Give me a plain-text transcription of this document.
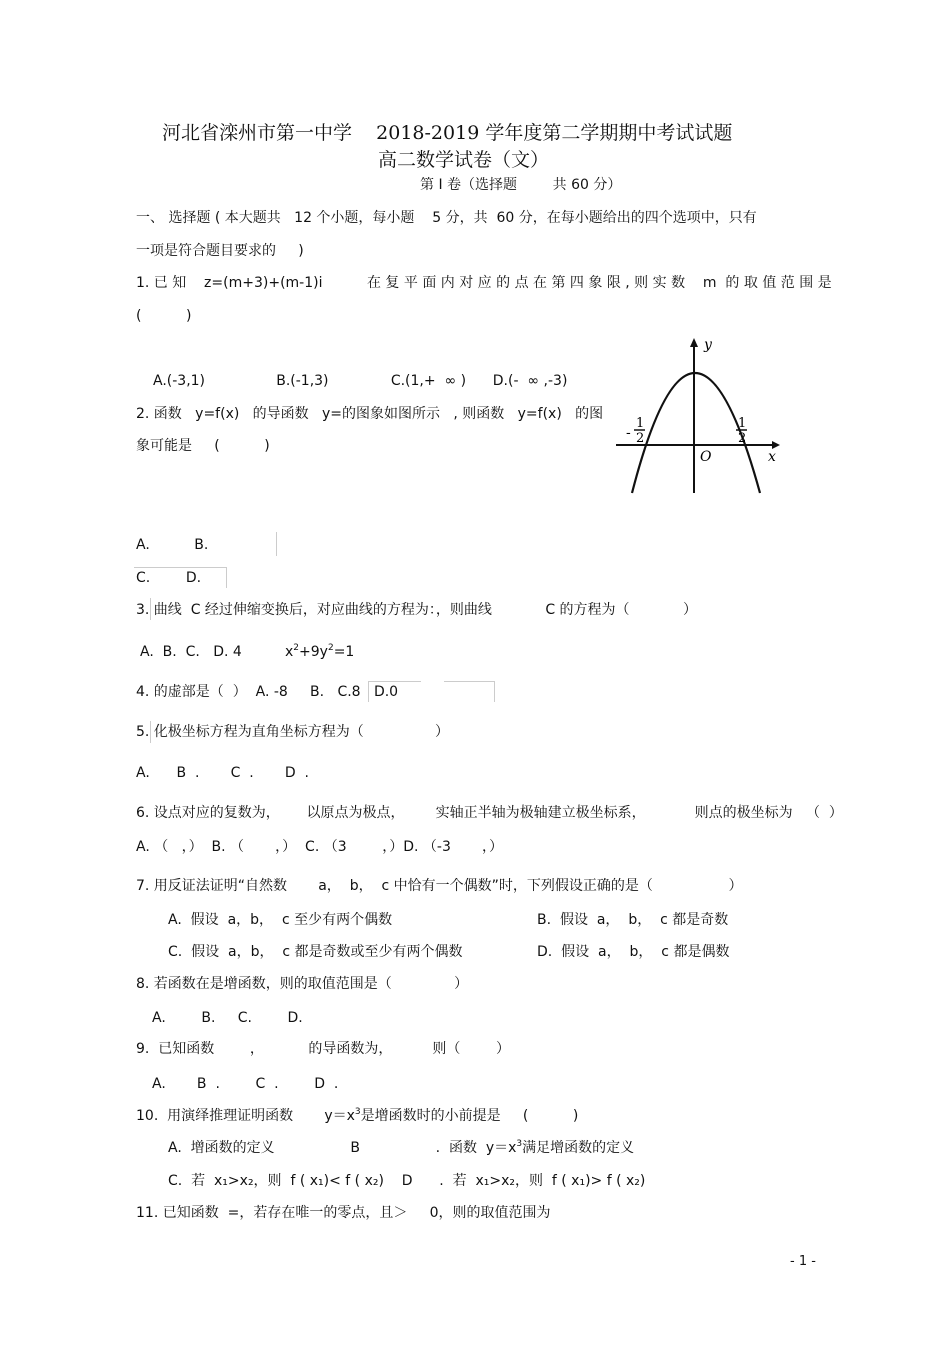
河北省滦州市第一中学    2018-2019 学年度第二学期期中考试试题
高二数学试卷（文）
第 Ⅰ 卷（选择题        共 60 分）
一、 选择题 ( 本大题共   12 个小题，每小题    5 分，共  60 分，在每小题给出的四个选项中，只有
一项是符合题目要求的     )
1. 已 知    z=(m+3)+(m-1)i          在 复 平 面 内 对 应 的 点 在 第 四 象 限 , 则 实 数    m  的 取 值 范 围 是
(          )
A.(-3,1)                B.(-1,3)              C.(1,+  ∞ )      D.(-  ∞ ,-3)
2. 函数   y=f(x)   的导函数   y=的图象如图所示   , 则函数   y=f(x)   的图
象可能是     (          )
y
x
O
-
1
2
1
2
A.          B.
C.        D.
3. 曲线  C 经过伸缩变换后，对应曲线的方程为：，则曲线            C 的方程为（            ）
A.  B.  C.   D. 4	$x^2+9y^2=1$
4. 的虚部是（  ）  A. -8     B.   C.8   D.0
5. 化极坐标方程为直角坐标方程为（                ）
A.      B  .       C  .       D  .
6. 设点对应的复数为，      以原点为极点，       实轴正半轴为极轴建立极坐标系，           则点的极坐标为   （  ）
A. （   ，）  B. （       ，）  C. （3        ，）D. （-3       ，）
7. 用反证法证明“自然数       a，  b，  c 中恰有一个偶数”时，下列假设正确的是（                 ）
A.  假设  a，b，  c 至少有两个偶数	B.  假设  a，  b，  c 都是奇数
C.  假设  a，b，  c 都是奇数或至少有两个偶数	D.  假设  a，  b，  c 都是偶数
8. 若函数在是增函数，则的取值范围是（              ）
A.        B.     C.        D.
9.  已知函数        ，          的导函数为，         则（        ）
A.       B  .        C  .        D  .
10.  用演绎推理证明函数       $y=x^3$是增函数时的小前提是     (          )
A.  增函数的定义                 B                 .  函数  $y=x^3$满足增函数的定义
C.  若  x₁>x₂，则  f ( x₁)< f ( x₂)    D      .  若  x₁>x₂，则  f ( x₁)> f ( x₂)
11. 已知函数  =，若存在唯一的零点，且＞     0，则的取值范围为
- 1 -
